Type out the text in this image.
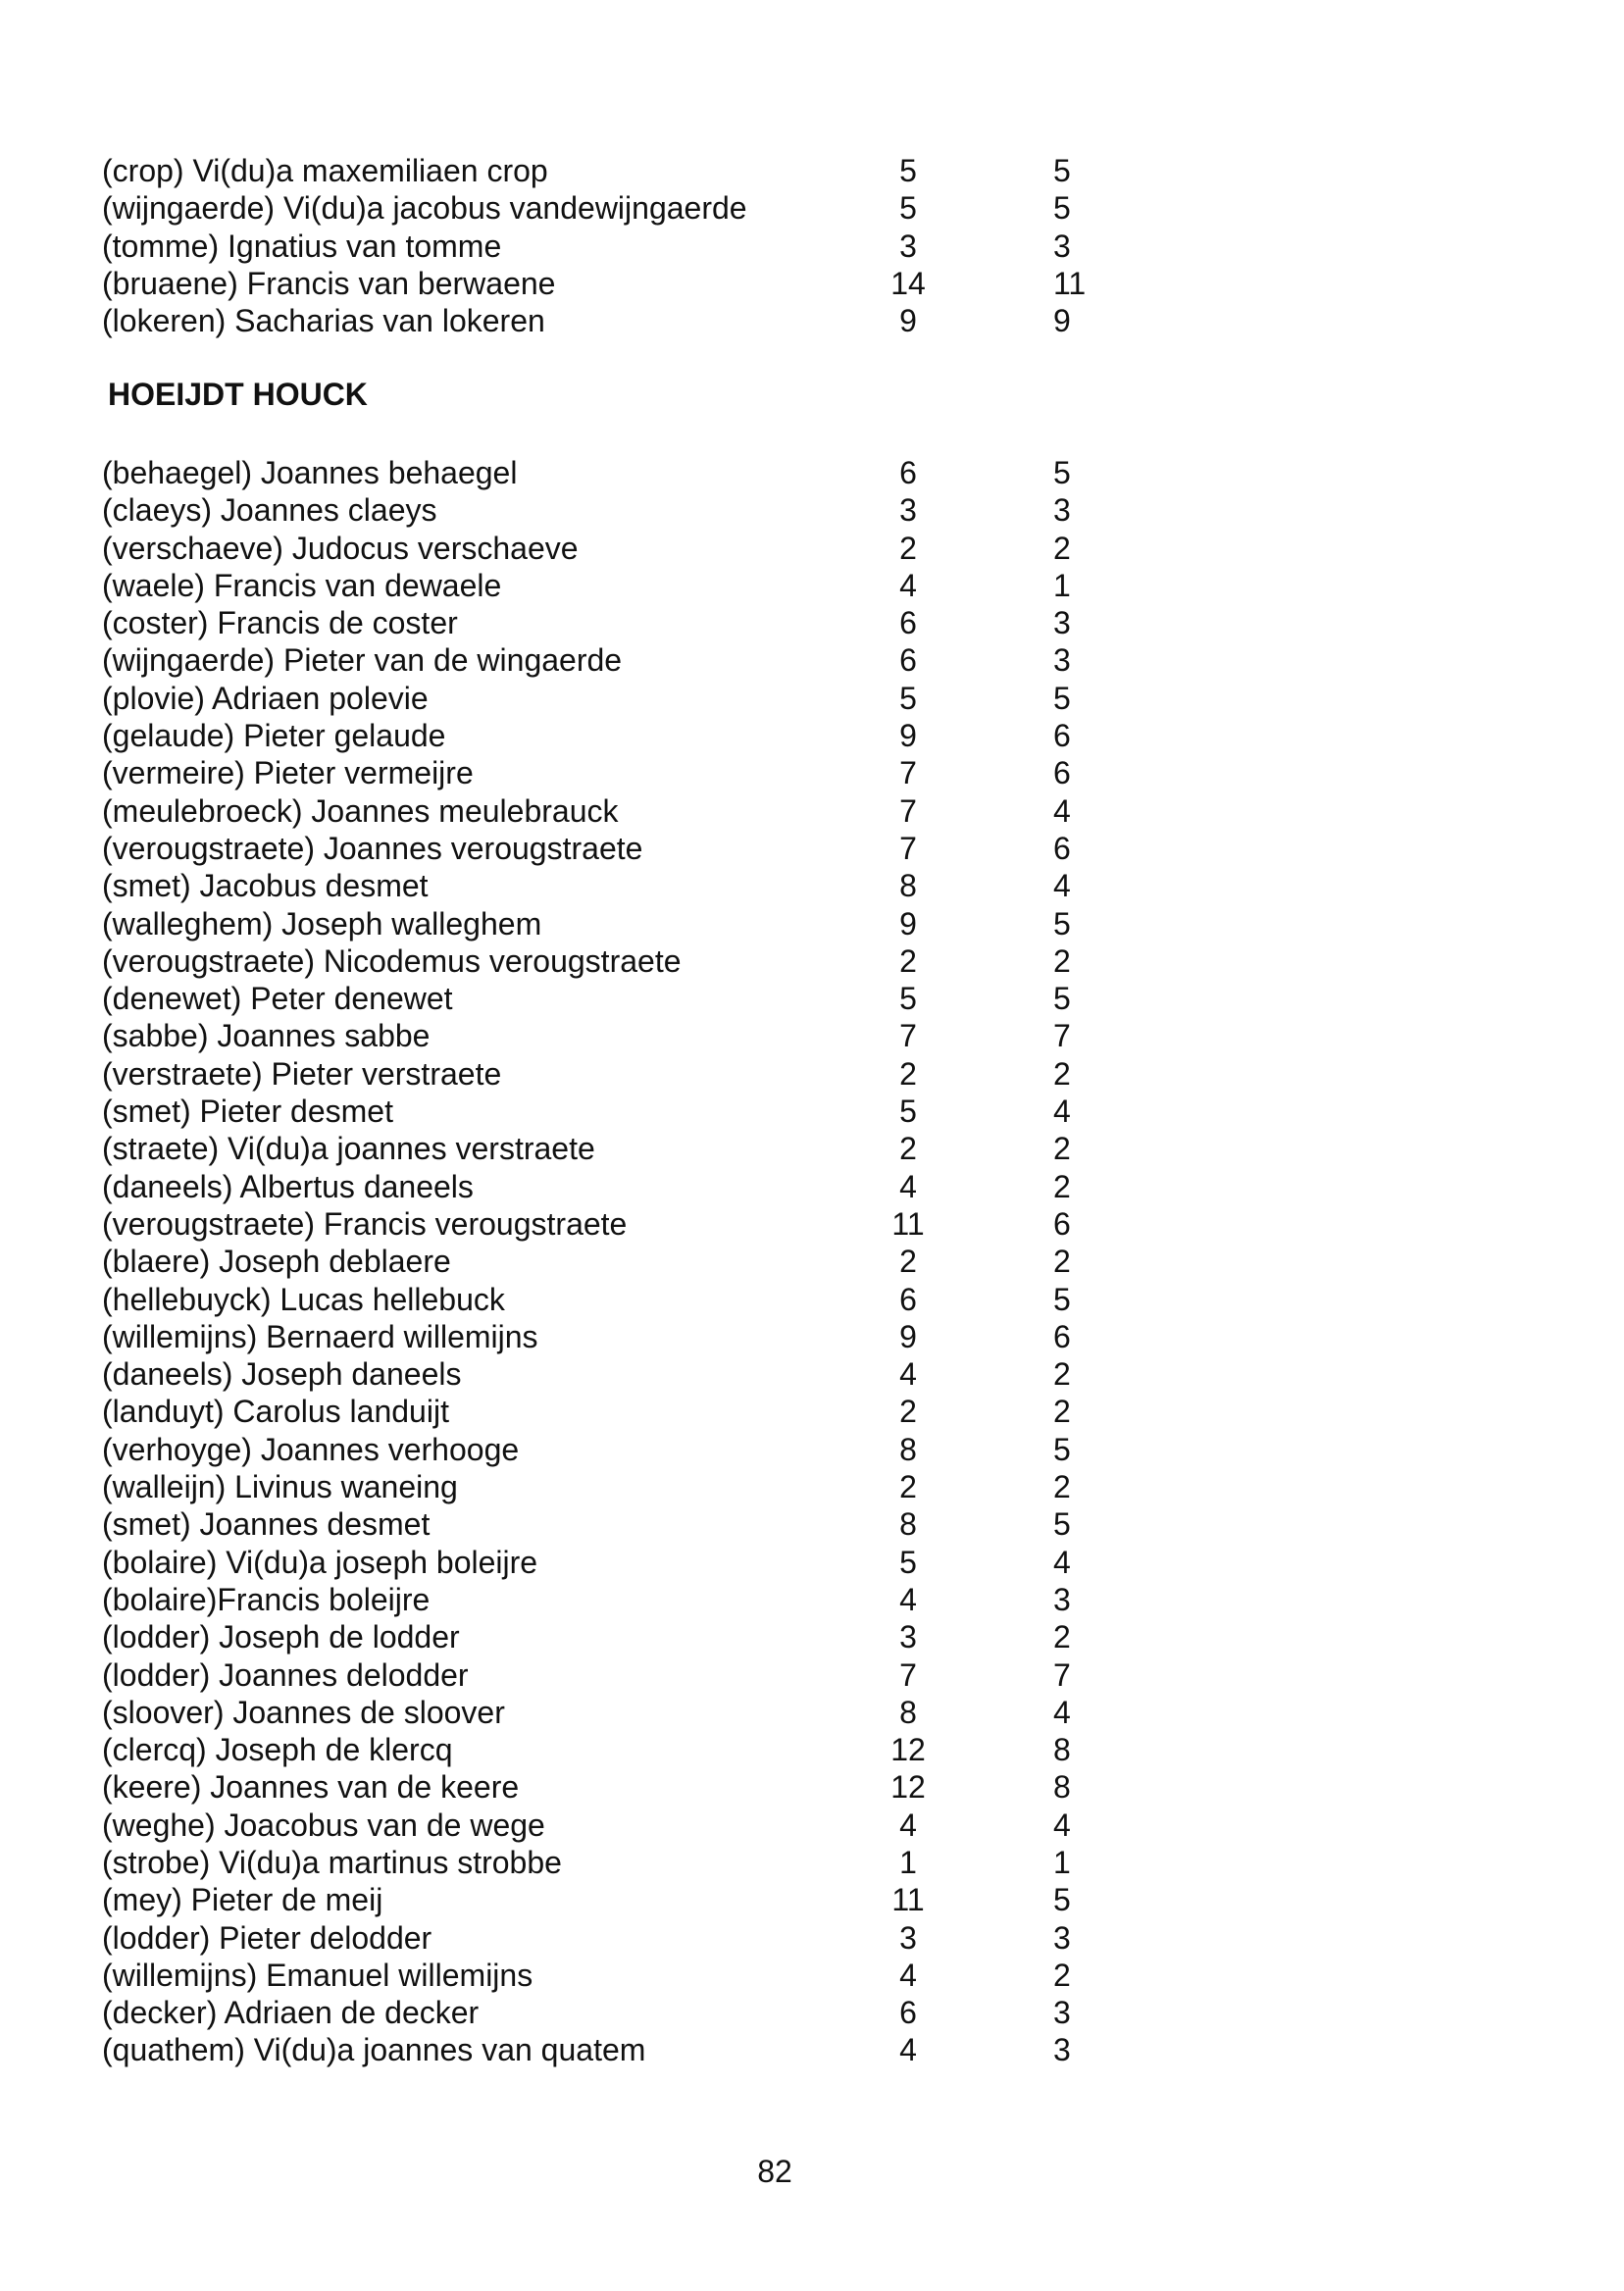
(crop) Vi(du)a maxemiliaen crop	5	5
(wijngaerde) Vi(du)a jacobus vandewijngaerde	5	5
(tomme) Ignatius van tomme	3	3
(bruaene) Francis van berwaene	14	11
(lokeren) Sacharias van lokeren	9	9
HOEIJDT HOUCK
(behaegel) Joannes behaegel	6	5
(claeys) Joannes claeys	3	3
(verschaeve) Judocus verschaeve	2	2
(waele) Francis van dewaele	4	1
(coster) Francis de coster	6	3
(wijngaerde) Pieter van de wingaerde	6	3
(plovie) Adriaen polevie	5	5
(gelaude) Pieter gelaude	9	6
(vermeire) Pieter vermeijre	7	6
(meulebroeck) Joannes meulebrauck	7	4
(verougstraete) Joannes verougstraete	7	6
(smet) Jacobus desmet	8	4
(walleghem) Joseph walleghem	9	5
(verougstraete) Nicodemus verougstraete	2	2
(denewet) Peter denewet	5	5
(sabbe) Joannes sabbe	7	7
(verstraete) Pieter verstraete	2	2
(smet) Pieter desmet	5	4
(straete) Vi(du)a joannes verstraete	2	2
(daneels) Albertus daneels	4	2
(verougstraete) Francis verougstraete	11	6
(blaere) Joseph deblaere	2	2
(hellebuyck) Lucas hellebuck	6	5
(willemijns) Bernaerd willemijns	9	6
(daneels) Joseph daneels	4	2
(landuyt) Carolus landuijt	2	2
(verhoyge) Joannes verhooge	8	5
(walleijn) Livinus waneing	2	2
(smet) Joannes desmet	8	5
(bolaire) Vi(du)a joseph boleijre	5	4
(bolaire)Francis boleijre	4	3
(lodder) Joseph de lodder	3	2
(lodder) Joannes delodder	7	7
(sloover) Joannes de sloover	8	4
(clercq) Joseph de klercq	12	8
(keere) Joannes van de keere	12	8
(weghe) Joacobus van de wege	4	4
(strobe) Vi(du)a martinus strobbe	1	1
(mey) Pieter de meij	11	5
(lodder) Pieter delodder	3	3
(willemijns) Emanuel willemijns	4	2
(decker) Adriaen de decker	6	3
(quathem) Vi(du)a joannes van quatem	4	3
82
